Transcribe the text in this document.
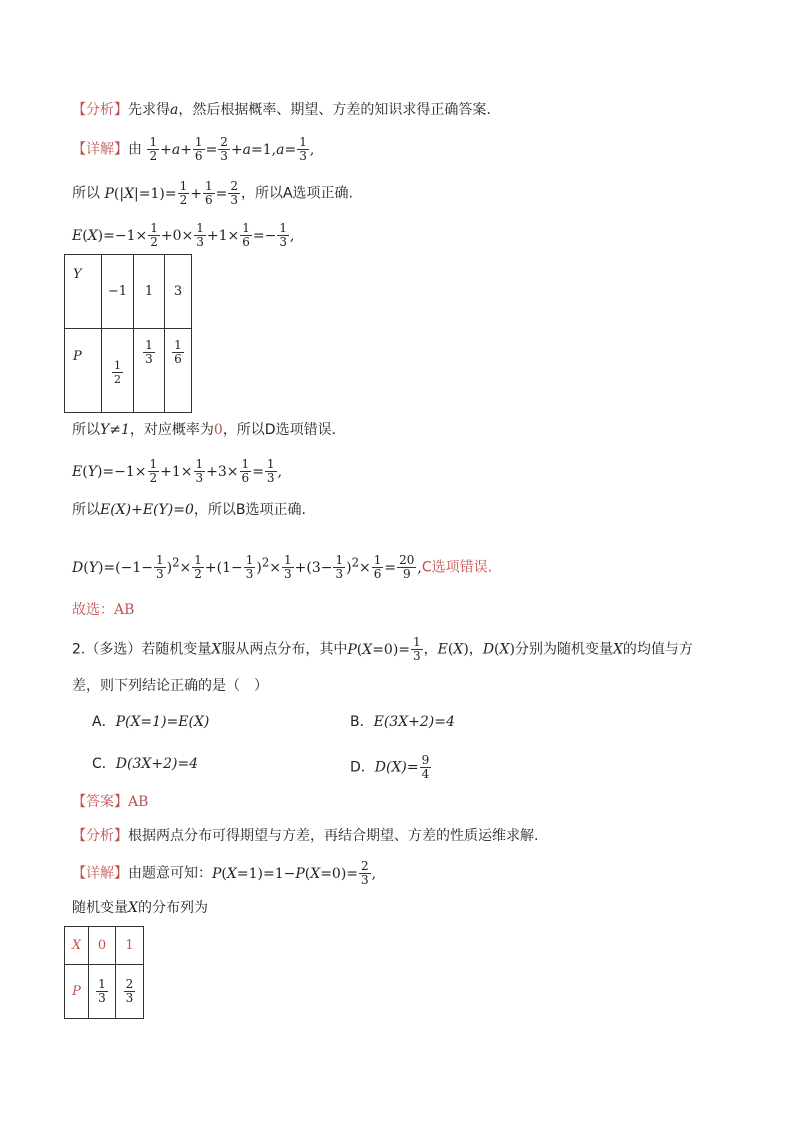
【分析】先求得a，然后根据概率、期望、方差的知识求得正确答案.
【详解】由 $\frac{1}{2} +a+ \frac{1}{6} = \frac{2}{3} +a=1,a= \frac{1}{3}$ ,
所以 $P(|X|=1)= \frac{1}{2} + \frac{1}{6} = \frac{2}{3}$ ，所以A选项正确.
$E(X)=-1\times \frac{1}{2} +0\times \frac{1}{3} +1\times \frac{1}{6} =- \frac{1}{3}$ ,
Y	−1	1	3
P	$\frac{1}{2}$	$\frac{1}{3}$	$\frac{1}{6}$
所以Y≠1，对应概率为0，所以D选项错误.
$E(Y)=-1\times \frac{1}{2} +1\times \frac{1}{3} +3\times \frac{1}{6} = \frac{1}{3}$ ,
所以E(X)+E(Y)=0，所以B选项正确.
$D(Y)=(-1- \frac{1}{3} )^2\times \frac{1}{2} +(1- \frac{1}{3} )^2\times \frac{1}{3} +(3- \frac{1}{3} )^2\times \frac{1}{6} = \frac{20}{9} ,C$选项错误.
故选：AB
2.（多选）若随机变量X服从两点分布，其中$P(X=0)= \frac{1}{3}$ ，E(X)，D(X)分别为随机变量X的均值与方
差，则下列结论正确的是（　）
A．P(X=1)=E(X)	B．E(3X+2)=4
C．D(3X+2)=4	D．$D(X)= \frac{9}{4}$
【答案】AB
【分析】根据两点分布可得期望与方差，再结合期望、方差的性质运维求解.
【详解】由题意可知：$P(X=1)=1-P(X=0)= \frac{2}{3}$ ,
随机变量X的分布列为
X	0	1
P	$\frac{1}{3}$	$\frac{2}{3}$
